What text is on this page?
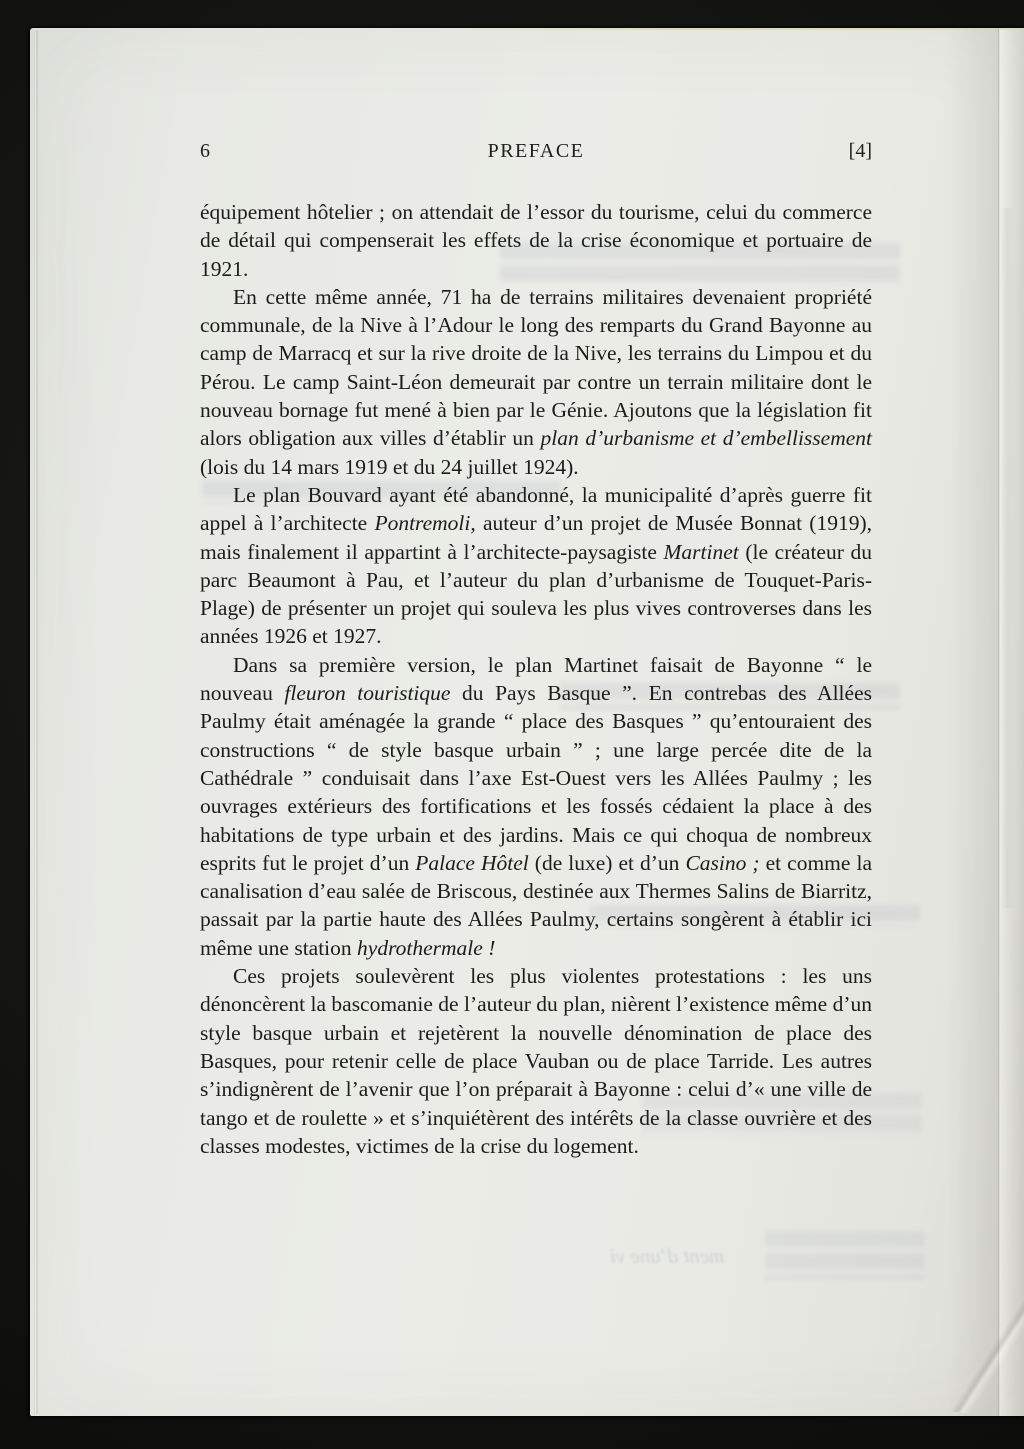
ment d’une vi
6	PREFACE	[4]

équipement hôtelier ; on attendait de l’essor du tourisme, celui du commerce de détail qui compenserait les effets de la crise économique et portuaire de 1921.

En cette même année, 71 ha de terrains militaires devenaient propriété communale, de la Nive à l’Adour le long des remparts du Grand Bayonne au camp de Marracq et sur la rive droite de la Nive, les terrains du Limpou et du Pérou. Le camp Saint-Léon demeurait par contre un terrain militaire dont le nouveau bornage fut mené à bien par le Génie. Ajoutons que la législation fit alors obligation aux villes d’établir un plan d’urbanisme et d’embellissement (lois du 14 mars 1919 et du 24 juillet 1924).

Le plan Bouvard ayant été abandonné, la municipalité d’après guerre fit appel à l’architecte Pontremoli, auteur d’un projet de Musée Bonnat (1919), mais finalement il appartint à l’architecte-paysagiste Martinet (le créateur du parc Beaumont à Pau, et l’auteur du plan d’urbanisme de Touquet-Paris-Plage) de présenter un projet qui souleva les plus vives controverses dans les années 1926 et 1927.

Dans sa première version, le plan Martinet faisait de Bayonne “ le nouveau fleuron touristique du Pays Basque ”. En contrebas des Allées Paulmy était aménagée la grande “ place des Basques ” qu’entouraient des constructions “ de style basque urbain ” ; une large percée dite de la Cathédrale ” conduisait dans l’axe Est-Ouest vers les Allées Paulmy ; les ouvrages extérieurs des fortifications et les fossés cédaient la place à des habitations de type urbain et des jardins. Mais ce qui choqua de nombreux esprits fut le projet d’un Palace Hôtel (de luxe) et d’un Casino ; et comme la canalisation d’eau salée de Briscous, destinée aux Thermes Salins de Biarritz, passait par la partie haute des Allées Paulmy, certains songèrent à établir ici même une station hydrothermale !

Ces projets soulevèrent les plus violentes protestations : les uns dénoncèrent la bascomanie de l’auteur du plan, nièrent l’existence même d’un style basque urbain et rejetèrent la nouvelle dénomination de place des Basques, pour retenir celle de place Vauban ou de place Tarride. Les autres s’indignèrent de l’avenir que l’on préparait à Bayonne : celui d’« une ville de tango et de roulette » et s’inquiétèrent des intérêts de la classe ouvrière et des classes modestes, victimes de la crise du logement.
